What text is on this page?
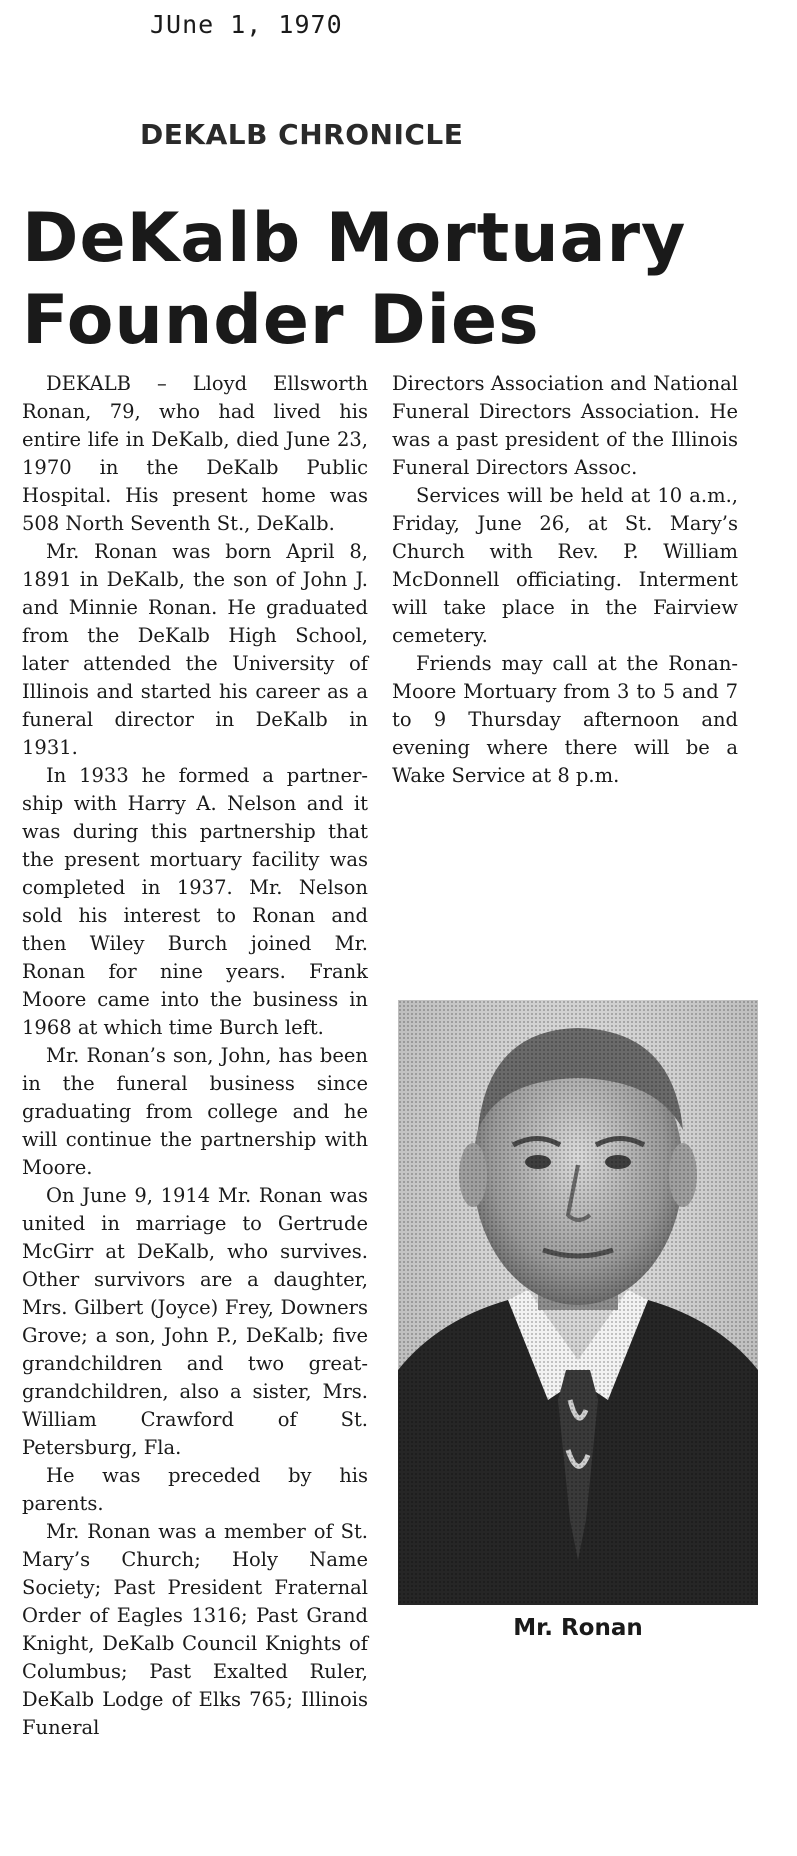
JUne 1, 1970
DEKALB CHRONICLE
DeKalb Mortuary Founder Dies

DEKALB – Lloyd Ellsworth Ronan, 79, who had lived his entire life in DeKalb, died June 23, 1970 in the DeKalb Public Hospital. His present home was 508 North Seventh St., DeKalb.

Mr. Ronan was born April 8, 1891 in DeKalb, the son of John J. and Minnie Ronan. He graduated from the DeKalb High School, later attended the University of Illinois and started his career as a funeral director in DeKalb in 1931.

In 1933 he formed a partnership with Harry A. Nelson and it was during this partnership that the present mortuary facility was completed in 1937. Mr. Nelson sold his interest to Ronan and then Wiley Burch joined Mr. Ronan for nine years. Frank Moore came into the business in 1968 at which time Burch left.

Mr. Ronan’s son, John, has been in the funeral business since graduating from college and he will continue the partnership with Moore.

On June 9, 1914 Mr. Ronan was united in marriage to Gertrude McGirr at DeKalb, who survives. Other survivors are a daughter, Mrs. Gilbert (Joyce) Frey, Downers Grove; a son, John P., DeKalb; five grandchildren and two great-grandchildren, also a sister, Mrs. William Crawford of St. Petersburg, Fla.

He was preceded by his parents.

Mr. Ronan was a member of St. Mary’s Church; Holy Name Society; Past President Fraternal Order of Eagles 1316; Past Grand Knight, DeKalb Council Knights of Columbus; Past Exalted Ruler, DeKalb Lodge of Elks 765; Illinois Funeral

Directors Association and National Funeral Directors Association. He was a past president of the Illinois Funeral Directors Assoc.

Services will be held at 10 a.m., Friday, June 26, at St. Mary’s Church with Rev. P. William McDonnell officiating. Interment will take place in the Fairview cemetery.

Friends may call at the Ronan-Moore Mortuary from 3 to 5 and 7 to 9 Thursday afternoon and evening where there will be a Wake Service at 8 p.m.

Mr. Ronan
